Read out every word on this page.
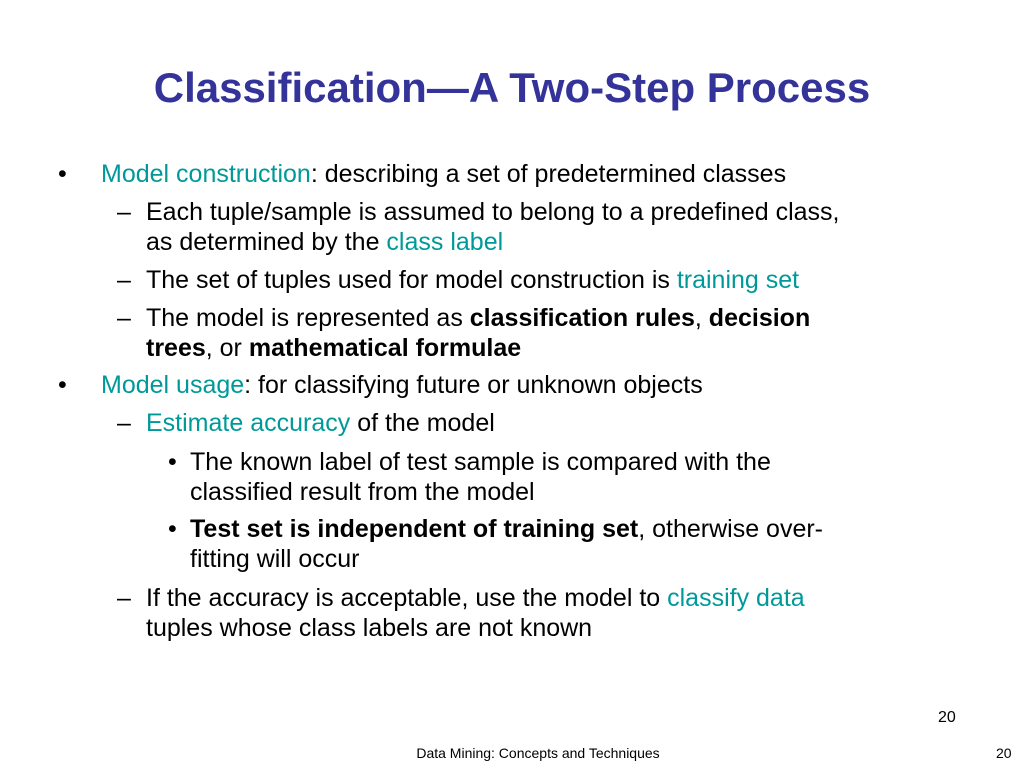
Classification—A Two-Step Process
• Model construction: describing a set of predetermined classes
– Each tuple/sample is assumed to belong to a predefined class,
as determined by the class label
– The set of tuples used for model construction is training set
– The model is represented as classification rules, decision
trees, or mathematical formulae
• Model usage: for classifying future or unknown objects
– Estimate accuracy of the model
• The known label of test sample is compared with the
classified result from the model
• Test set is independent of training set, otherwise over-
fitting will occur
– If the accuracy is acceptable, use the model to classify data
tuples whose class labels are not known
20
Data Mining: Concepts and Techniques	20
